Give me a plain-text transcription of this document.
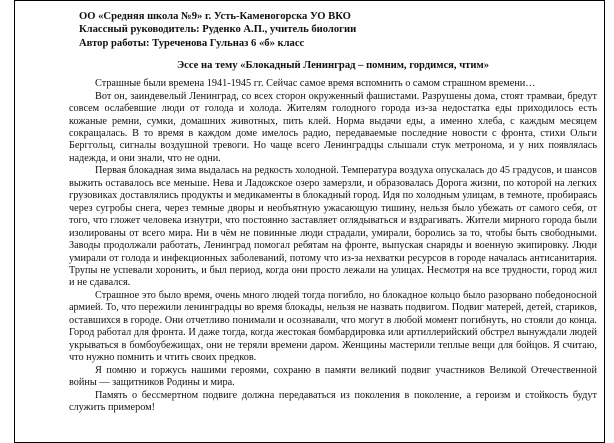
ОО «Средняя школа №9» г. Усть-Каменогорска УО ВКО
Классный руководитель: Руденко А.П., учитель биологии
Автор работы: Туреченова Гульназ 6 «б» класс
Эссе на тему «Блокадный Ленинград – помним, гордимся, чтим»

Страшные были времена 1941-1945 гг. Сейчас самое время вспомнить о самом страшном времени…

Вот он, заиндевелый Ленинград, со всех сторон окруженный фашистами. Разрушены дома, стоят трамваи, бредут совсем ослабевшие люди от голода и холода. Жителям голодного города из-за недостатка еды приходилось есть кожаные ремни, сумки, домашних животных, пить клей. Норма выдачи еды, а именно хлеба, с каждым месяцем сокращалась. В то время в каждом доме имелось радио, передаваемые последние новости с фронта, стихи Ольги Берггольц, сигналы воздушной тревоги. Но чаще всего Ленинградцы слышали стук метронома, и у них появлялась надежда, и они знали, что не одни.

Первая блокадная зима выдалась на редкость холодной. Температура воздуха опускалась до 45 градусов, и шансов выжить оставалось все меньше. Нева и Ладожское озеро замерзли, и образовалась Дорога жизни, по которой на легких грузовиках доставлялись продукты и медикаменты в блокадный город. Идя по холодным улицам, в темноте, пробираясь через сугробы снега, через темные дворы и необъятную ужасающую тишину, нельзя было убежать от самого себя, от того, что гложет человека изнутри, что постоянно заставляет оглядываться и вздрагивать. Жители мирного города были изолированы от всего мира. Ни в чём не повинные люди страдали, умирали, боролись за то, чтобы быть свободными. Заводы продолжали работать, Ленинград помогал ребятам на фронте, выпуская снаряды и военную экипировку. Люди умирали от голода и инфекционных заболеваний, потому что из-за нехватки ресурсов в городе началась антисанитария. Трупы не успевали хоронить, и был период, когда они просто лежали на улицах. Несмотря на все трудности, город жил и не сдавался.

Страшное это было время, очень много людей тогда погибло, но блокадное кольцо было разорвано победоносной армией. То, что пережили ленинградцы во время блокады, нельзя не назвать подвигом. Подвиг матерей, детей, стариков, оставшихся в городе. Они отчетливо понимали и осознавали, что могут в любой момент погибнуть, но стояли до конца. Город работал для фронта. И даже тогда, когда жестокая бомбардировка или артиллерийский обстрел вынуждали людей укрываться в бомбоубежищах, они не теряли времени даром. Женщины мастерили теплые вещи для бойцов. Я считаю, что нужно помнить и чтить своих предков.

Я помню и горжусь нашими героями, сохраню в памяти великий подвиг участников Великой Отечественной войны — защитников Родины и мира.

Память о бессмертном подвиге должна передаваться из поколения в поколение, а героизм и стойкость будут служить примером!
